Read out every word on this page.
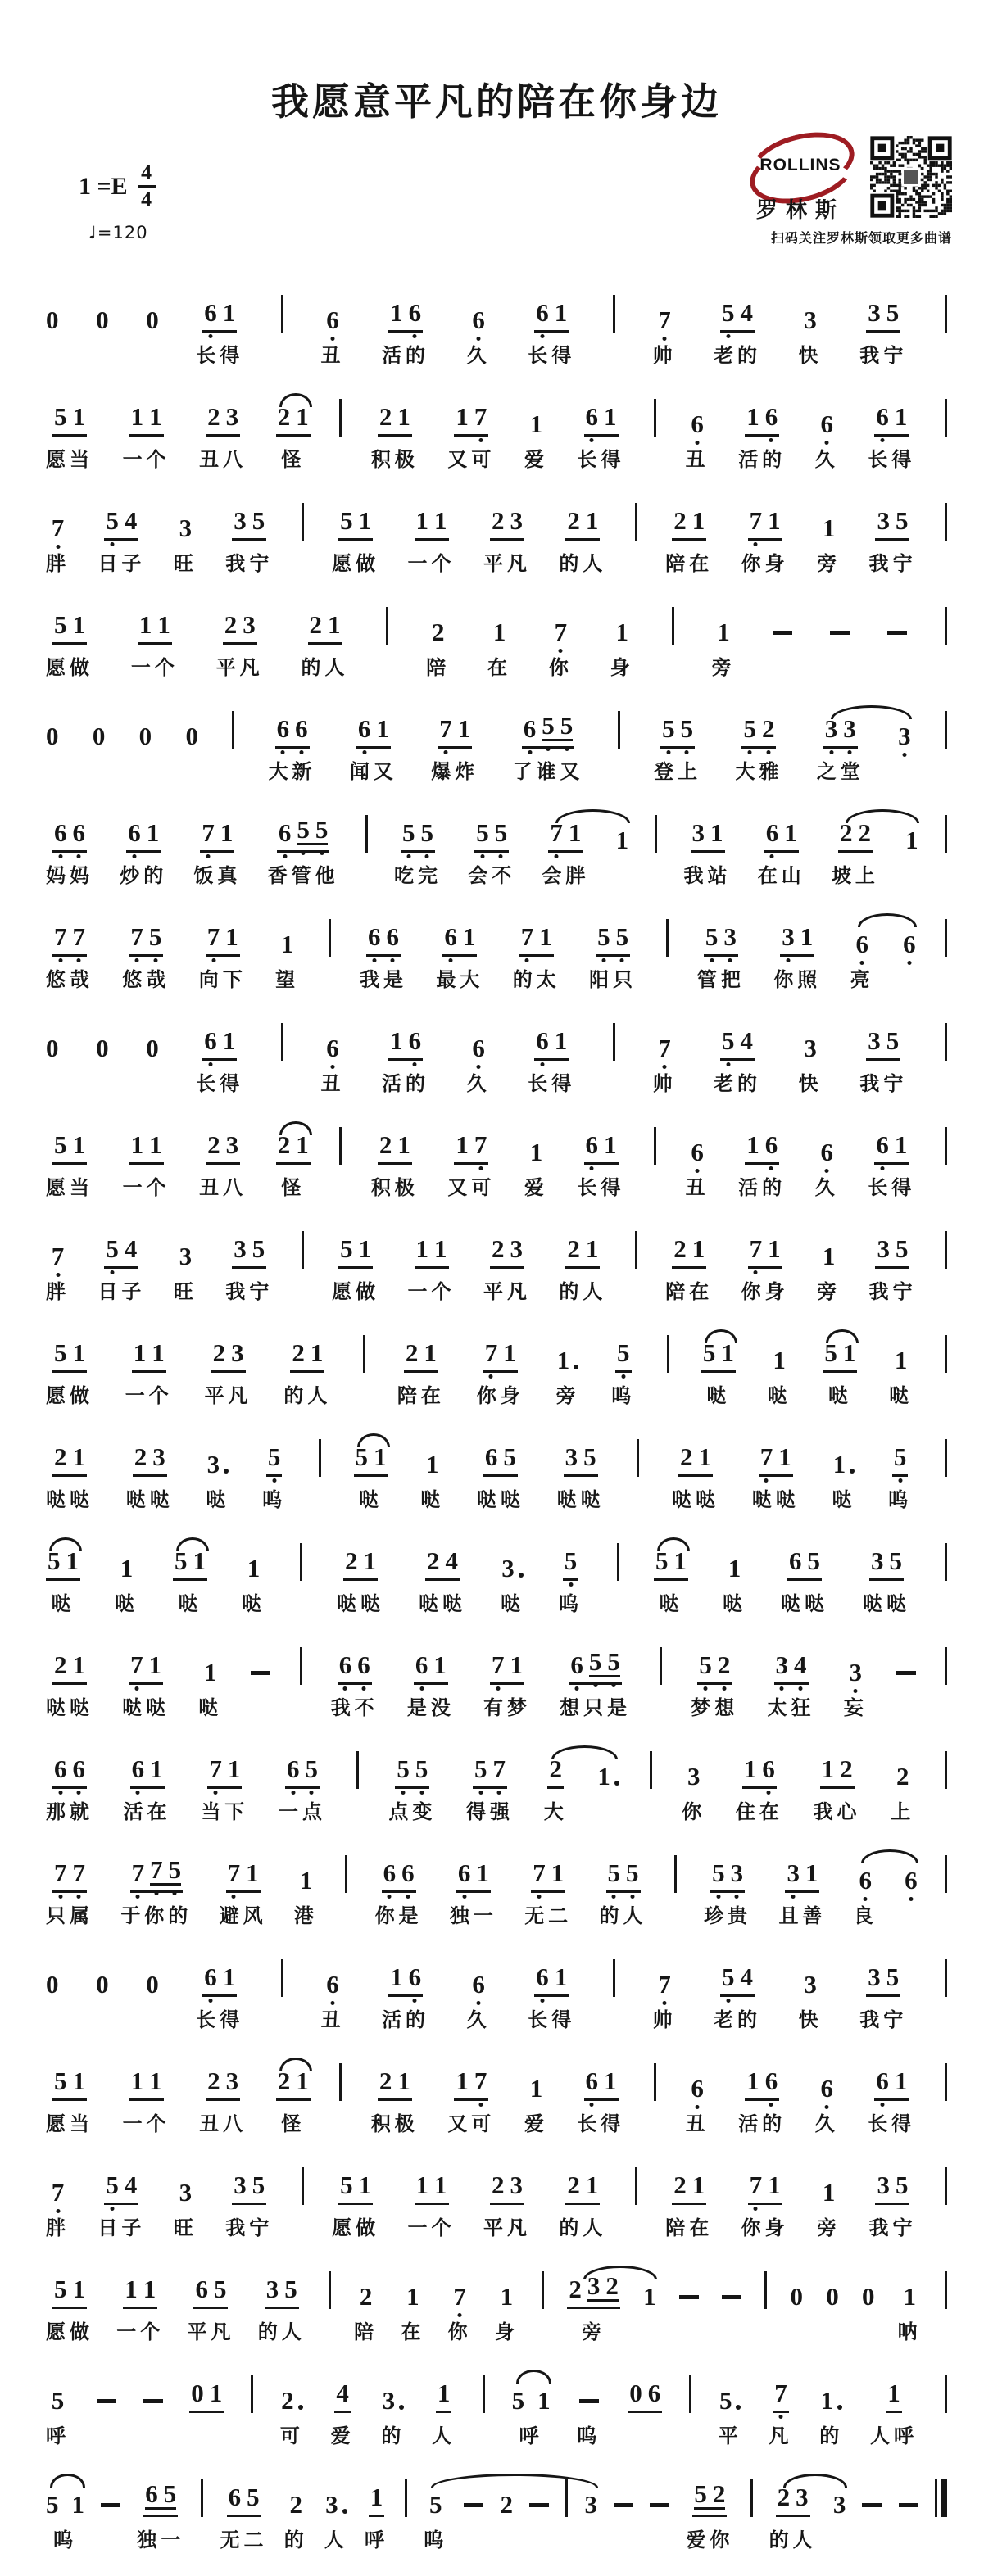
我愿意平凡的陪在你身边
$1 =E \frac{4}{4}$
♩=120
ROLLINS
罗林斯
扫码关注罗林斯领取更多曲谱
0 0 0 6 1
长得
6
丑
1 6
活的
6
久
6 1
长得
7
帅
5 4
老的
3
快
3 5
我宁
5 1
愿当
1 1
一个
2 3
丑八
2 1
怪
2 1
积极
1 7
又可
1
爱
6 1
长得
6
丑
1 6
活的
6
久
6 1
长得
7
胖
5 4
日子
3
旺
3 5
我宁
5 1
愿做
1 1
一个
2 3
平凡
2 1
的人
2 1
陪在
7 1
你身
1
旁
3 5
我宁
5 1
愿做
1 1
一个
2 3
平凡
2 1
的人
2
陪
1
在
7
你
1
身
1
旁
0 0 0 0	6 6
大新
6 1
闻又
7 1
爆炸
6 5 5
了谁又
5 5
登上
5 2
大雅
3 3
之堂
3
6 6
妈妈
6 1
炒的
7 1
饭真
6 5 5
香管他
5 5
吃完
5 5
会不
7 1
会胖
1 3 1
我站
6 1
在山
2 2
坡上
1
7 7
悠哉
7 5
悠哉
7 1
向下
1
望
6 6
我是
6 1
最大
7 1
的太
5 5
阳只
5 3
管把
3 1
你照
6
亮
6
0 0 0 6 1
长得
6
丑
1 6
活的
6
久
6 1
长得
7
帅
5 4
老的
3
快
3 5
我宁
5 1
愿当
1 1
一个
2 3
丑八
2 1
怪
2 1
积极
1 7
又可
1
爱
6 1
长得
6
丑
1 6
活的
6
久
6 1
长得
7
胖
5 4
日子
3
旺
3 5
我宁
5 1
愿做
1 1
一个
2 3
平凡
2 1
的人
2 1
陪在
7 1
你身
1
旁
3 5
我宁
5 1
愿做
1 1
一个
2 3
平凡
2 1
的人
2 1
陪在
7 1
你身
1
旁
5
呜
5 1
哒
1
哒
5 1
哒
1
哒
2 1
哒哒
2 3
哒哒
3
哒
5
呜
5 1
哒
1
哒
6 5
哒哒
3 5
哒哒
2 1
哒哒
7 1
哒哒
1
哒
5
呜
5 1
哒
1
哒
5 1
哒
1
哒
2 1
哒哒
2 4
哒哒
3
哒
5
呜
5 1
哒
1
哒
6 5
哒哒
3 5
哒哒
2 1
哒哒
7 1
哒哒
1
哒
6 6
我不
6 1
是没
7 1
有梦
6 5 5
想只是
5 2
梦想
3 4
太狂
3
妄
6 6
那就
6 1
活在
7 1
当下
6 5
一点
5 5
点变
5 7
得强
2
大
1	3
你
1 6
住在
1 2
我心
2
上
7 7
只属
7 7 5
于你的
7 1
避风
1
港
6 6
你是
6 1
独一
7 1
无二
5 5
的人
5 3
珍贵
3 1
且善
6
良
6
0 0 0 6 1
长得
6
丑
1 6
活的
6
久
6 1
长得
7
帅
5 4
老的
3
快
3 5
我宁
5 1
愿当
1 1
一个
2 3
丑八
2 1
怪
2 1
积极
1 7
又可
1
爱
6 1
长得
6
丑
1 6
活的
6
久
6 1
长得
7
胖
5 4
日子
3
旺
3 5
我宁
5 1
愿做
1 1
一个
2 3
平凡
2 1
的人
2 1
陪在
7 1
你身
1
旁
3 5
我宁
5 1
愿做
1 1
一个
6 5
平凡
3 5
的人
2
陪
1
在
7
你
1
身
2 3 2
旁
1	0 0 0 1
呐
5
呼
0 1 2
可
4
爱
3
的
1
人
5 1
呼 呜
0 6 5
平
7
凡
1
的
1
人呼
5 1
呜
6 5
独一
6 5
无二
2
的
3
人
1
呼
5
呜
2	3	5 2
爱你
2 3
的人
3
